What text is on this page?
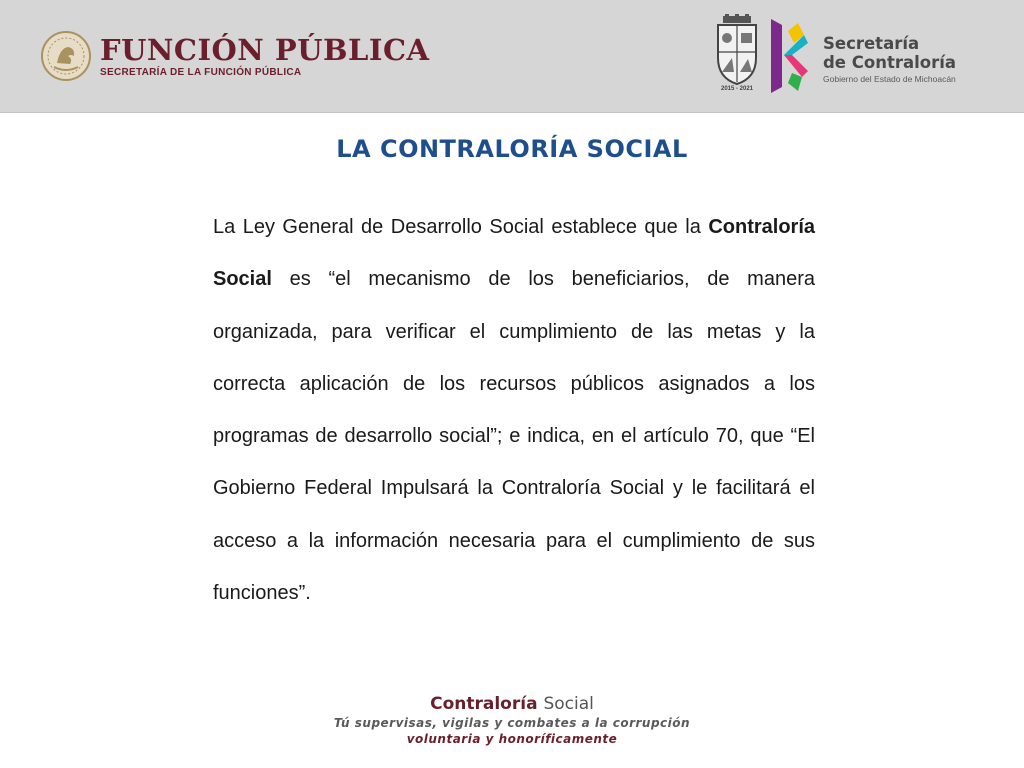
FUNCIÓN PÚBLICA
SECRETARÍA DE LA FUNCIÓN PÚBLICA
2015 - 2021
Secretaría
de Contraloría
Gobierno del Estado de Michoacán
LA CONTRALORÍA SOCIAL

La Ley General de Desarrollo Social establece que la Contraloría Social es “el mecanismo de los beneficiarios, de manera organizada, para verificar el cumplimiento de las metas y la correcta aplicación de los recursos públicos asignados a los programas de desarrollo social”; e indica, en el artículo 70, que “El Gobierno Federal Impulsará la Contraloría Social y le facilitará el acceso a la información necesaria para el cumplimiento de sus funciones”.

Contraloría Social
Tú supervisas, vigilas y combates a la corrupción
voluntaria y honoríficamente
